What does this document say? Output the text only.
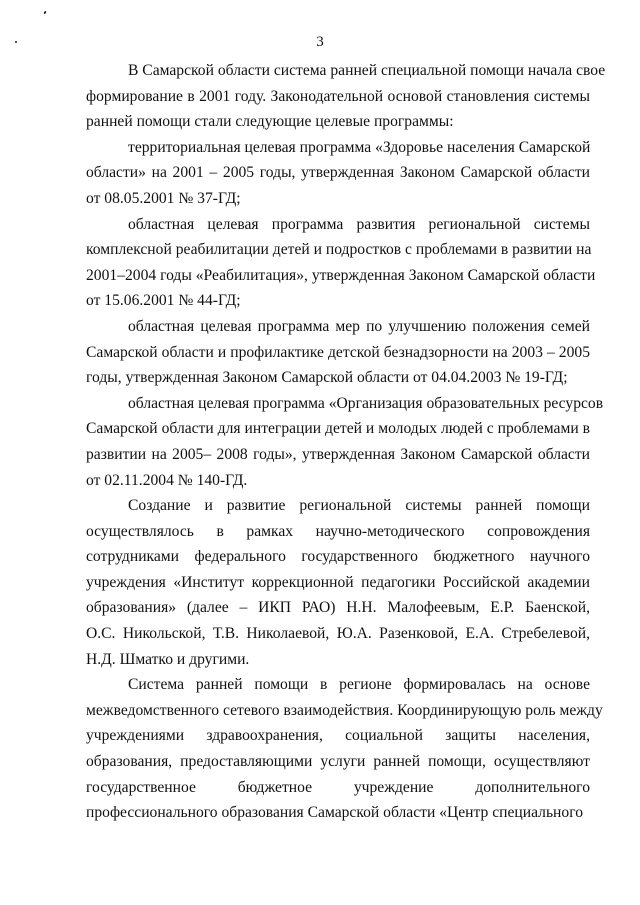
3
В Самарской области система ранней специальной помощи начала свое
формирование в 2001 году. Законодательной основой становления системы
ранней помощи стали следующие целевые программы:
территориальная целевая программа «Здоровье населения Самарской
области» на 2001 – 2005 годы, утвержденная Законом Самарской области
от 08.05.2001 № 37-ГД;
областная целевая программа развития региональной системы
комплексной реабилитации детей и подростков с проблемами в развитии на
2001–2004 годы «Реабилитация», утвержденная Законом Самарской области
от 15.06.2001 № 44-ГД;
областная целевая программа мер по улучшению положения семей
Самарской области и профилактике детской безнадзорности на 2003 – 2005
годы, утвержденная Законом Самарской области от 04.04.2003 № 19-ГД;
областная целевая программа «Организация образовательных ресурсов
Самарской области для интеграции детей и молодых людей с проблемами в
развитии на 2005– 2008 годы», утвержденная Законом Самарской области
от 02.11.2004 № 140-ГД.
Создание и развитие региональной системы ранней помощи
осуществлялось в рамках научно-методического сопровождения
сотрудниками федерального государственного бюджетного научного
учреждения «Институт коррекционной педагогики Российской академии
образования» (далее – ИКП РАО) Н.Н. Малофеевым, Е.Р. Баенской,
О.С. Никольской, Т.В. Николаевой, Ю.А. Разенковой, Е.А. Стребелевой,
Н.Д. Шматко и другими.
Система ранней помощи в регионе формировалась на основе
межведомственного сетевого взаимодействия. Координирующую роль между
учреждениями здравоохранения, социальной защиты населения,
образования, предоставляющими услуги ранней помощи, осуществляют
государственное бюджетное учреждение дополнительного
профессионального образования Самарской области «Центр специального
